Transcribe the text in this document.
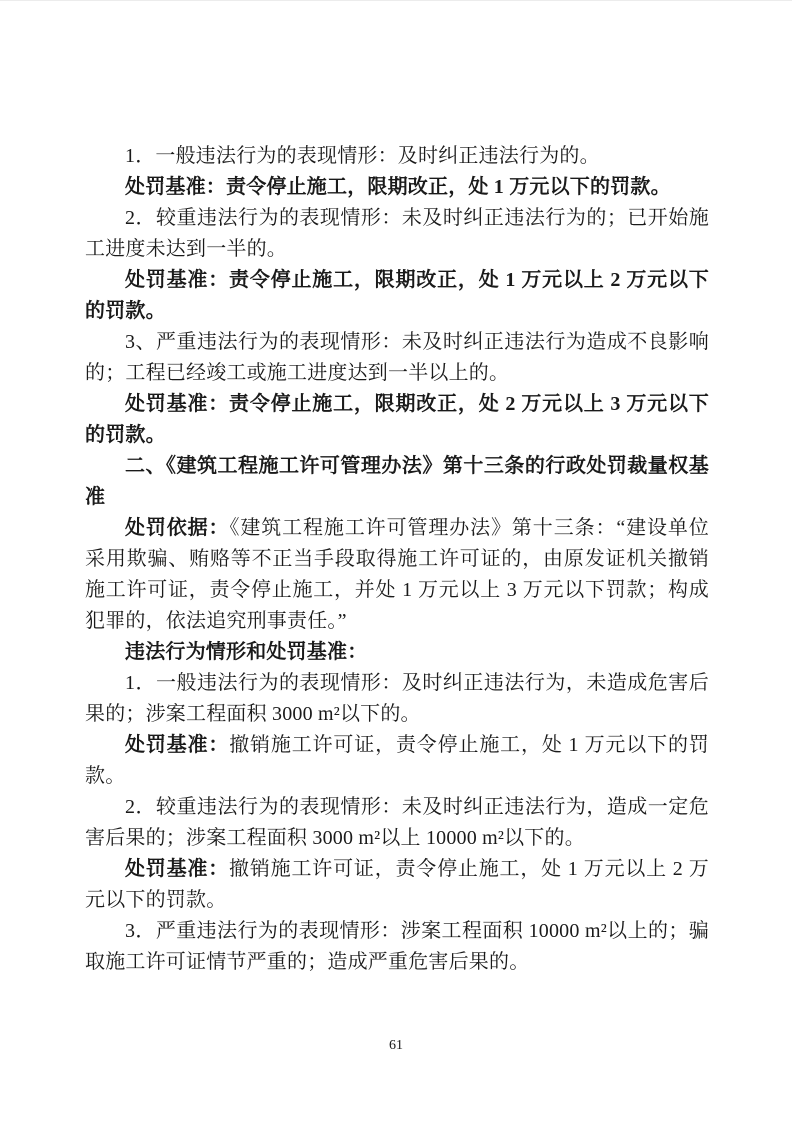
1．一般违法行为的表现情形：及时纠正违法行为的。

处罚基准：责令停止施工，限期改正，处 1 万元以下的罚款。

2．较重违法行为的表现情形：未及时纠正违法行为的；已开始施工进度未达到一半的。

处罚基准：责令停止施工，限期改正，处 1 万元以上 2 万元以下的罚款。

3、严重违法行为的表现情形：未及时纠正违法行为造成不良影响的；工程已经竣工或施工进度达到一半以上的。

处罚基准：责令停止施工，限期改正，处 2 万元以上 3 万元以下的罚款。

二、《建筑工程施工许可管理办法》第十三条的行政处罚裁量权基准

处罚依据：《建筑工程施工许可管理办法》第十三条：“建设单位采用欺骗、贿赂等不正当手段取得施工许可证的，由原发证机关撤销施工许可证，责令停止施工，并处 1 万元以上 3 万元以下罚款；构成犯罪的，依法追究刑事责任。”

违法行为情形和处罚基准：

1．一般违法行为的表现情形：及时纠正违法行为，未造成危害后果的；涉案工程面积 3000 m²以下的。

处罚基准：撤销施工许可证，责令停止施工，处 1 万元以下的罚款。

2．较重违法行为的表现情形：未及时纠正违法行为，造成一定危害后果的；涉案工程面积 3000 m²以上 10000 m²以下的。

处罚基准：撤销施工许可证，责令停止施工，处 1 万元以上 2 万元以下的罚款。

3．严重违法行为的表现情形：涉案工程面积 10000 m²以上的；骗取施工许可证情节严重的；造成严重危害后果的。

61
